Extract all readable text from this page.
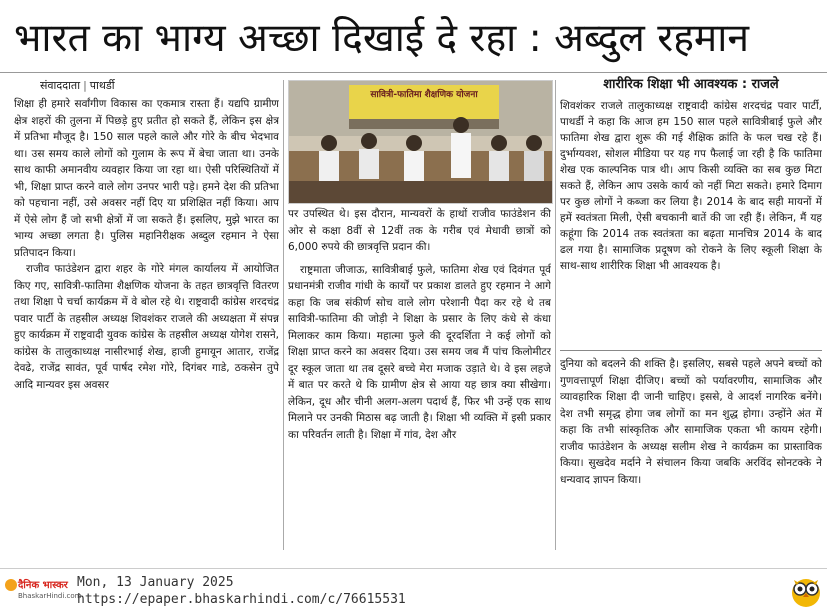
भारत का भाग्य अच्छा दिखाई दे रहा : अब्दुल रहमान
संवाददाता | पाथर्डी	शारीरिक शिक्षा भी आवश्यक : राजले

शिक्षा ही हमारे सर्वांगीण विकास का एकमात्र रास्ता हैं। यद्यपि ग्रामीण क्षेत्र शहरों की तुलना में पिछड़े हुए प्रतीत हो सकते हैं, लेकिन इस क्षेत्र में प्रतिभा मौजूद है। 150 साल पहले काले और गोरे के बीच भेदभाव था। उस समय काले लोगों को गुलाम के रूप में बेचा जाता था। उनके साथ काफी अमानवीय व्यवहार किया जा रहा था। ऐसी परिस्थितियों में भी, शिक्षा प्राप्त करने वाले लोग उनपर भारी पड़े। हमने देश की प्रतिभा को पहचाना नहीं, उसे अवसर नहीं दिए या प्रशिक्षित नहीं किया। आप में ऐसे लोग हैं जो सभी क्षेत्रों में जा सकते हैं। इसलिए, मुझे भारत का भाग्य अच्छा लगता है। पुलिस महानिरीक्षक अब्दुल रहमान ने ऐसा प्रतिपादन किया।

राजीव फाउंडेशन द्वारा शहर के गोरे मंगल कार्यालय में आयोजित किए गए, सावित्री-फातिमा शैक्षणिक योजना के तहत छात्रवृत्ति वितरण तथा शिक्षा पे चर्चा कार्यक्रम में वे बोल रहे थे। राष्ट्रवादी कांग्रेस शरदचंद्र पवार पार्टी के तहसील अध्यक्ष शिवशंकर राजले की अध्यक्षता में संपन्न हुए कार्यक्रम में राष्ट्रवादी युवक कांग्रेस के तहसील अध्यक्ष योगेश रासने, कांग्रेस के तालुकाध्यक्ष नासीरभाई शेख, हाजी हुमायून आतार, राजेंद्र देवढे, राजेंद्र सावंत, पूर्व पार्षद रमेश गोरे, दिगंबर गाडे, ठकसेन तुपे आदि मान्यवर इस अवसर

सावित्री-फातिमा शैक्षणिक योजना

पर उपस्थित थे। इस दौरान, मान्यवरों के हाथों राजीव फाउंडेशन की ओर से कक्षा 8वीं से 12वीं तक के गरीब एवं मेधावी छात्रों को 6,000 रुपये की छात्रवृत्ति प्रदान की।

राष्ट्रमाता जीजाऊ, सावित्रीबाई फुले, फातिमा शेख एवं दिवंगत पूर्व प्रधानमंत्री राजीव गांधी के कार्यों पर प्रकाश डालते हुए रहमान ने आगे कहा कि जब संकीर्ण सोच वाले लोग परेशानी पैदा कर रहे थे तब सावित्री-फातिमा की जोड़ी ने शिक्षा के प्रसार के लिए कंधे से कंधा मिलाकर काम किया। महात्मा फुले की दूरदर्शिता ने कई लोगों को शिक्षा प्राप्त करने का अवसर दिया। उस समय जब मैं पांच किलोमीटर दूर स्कूल जाता था तब दूसरे बच्चे मेरा मजाक उड़ाते थे। वे इस लहजे में बात पर करते थे कि ग्रामीण क्षेत्र से आया यह छात्र क्या सीखेगा। लेकिन, दूध और चीनी अलग-अलग पदार्थ हैं, फिर भी उन्हें एक साथ मिलाने पर उनकी मिठास बढ़ जाती है। शिक्षा भी व्यक्ति में इसी प्रकार का परिवर्तन लाती है। शिक्षा में गांव, देश और

शिवशंकर राजले तालुकाध्यक्ष राष्ट्रवादी कांग्रेस शरदचंद्र पवार पार्टी, पाथर्डी ने कहा कि आज हम 150 साल पहले सावित्रीबाई फुले और फातिमा शेख द्वारा शुरू की गई शैक्षिक क्रांति के फल चख रहे हैं। दुर्भाग्यवश, सोशल मीडिया पर यह गप फैलाई जा रही है कि फातिमा शेख एक काल्पनिक पात्र थी। आप किसी व्यक्ति का सब कुछ मिटा सकते हैं, लेकिन आप उसके कार्य को नहीं मिटा सकते। हमारे दिमाग पर कुछ लोगों ने कब्जा कर लिया है। 2014 के बाद सही मायनों में हमें स्वतंत्रता मिली, ऐसी बचकानी बातें की जा रही हैं। लेकिन, मैं यह कहूंगा कि 2014 तक स्वतंत्रता का बढ़ता मानचित्र 2014 के बाद ढल गया है। सामाजिक प्रदूषण को रोकने के लिए स्कूली शिक्षा के साथ-साथ शारीरिक शिक्षा भी आवश्यक है।

दुनिया को बदलने की शक्ति है। इसलिए, सबसे पहले अपने बच्चों को गुणवत्तापूर्ण शिक्षा दीजिए। बच्चों को पर्यावरणीय, सामाजिक और व्यावहारिक शिक्षा दी जानी चाहिए। इससे, वे आदर्श नागरिक बनेंगे। देश तभी समृद्ध होगा जब लोगों का मन शुद्ध होगा। उन्होंने अंत में कहा कि तभी सांस्कृतिक और सामाजिक एकता भी कायम रहेगी। राजीव फाउंडेशन के अध्यक्ष सलीम शेख ने कार्यक्रम का प्रास्ताविक किया। सुखदेव मर्दाने ने संचालन किया जबकि अरविंद सोनटक्के ने धन्यवाद ज्ञापन किया।

दैनिक भास्कर
BhaskarHindi.com
Mon, 13 January 2025
https://epaper.bhaskarhindi.com/c/76615531
